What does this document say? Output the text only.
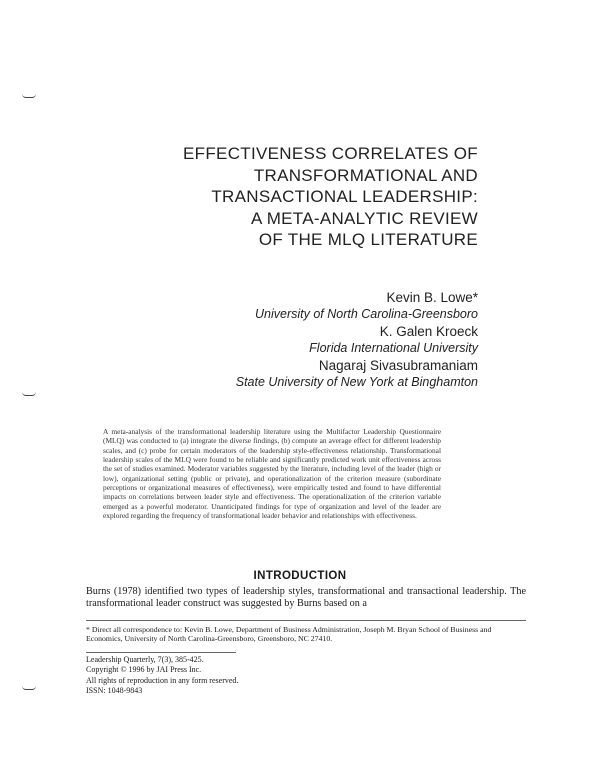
EFFECTIVENESS CORRELATES OF
TRANSFORMATIONAL AND
TRANSACTIONAL LEADERSHIP:
A META-ANALYTIC REVIEW
OF THE MLQ LITERATURE
Kevin B. Lowe*
University of North Carolina-Greensboro
K. Galen Kroeck
Florida International University
Nagaraj Sivasubramaniam
State University of New York at Binghamton
A meta-analysis of the transformational leadership literature using the Multifactor Leadership Questionnaire (MLQ) was conducted to (a) integrate the diverse findings, (b) compute an average effect for different leadership scales, and (c) probe for certain moderators of the leadership style-effectiveness relationship. Transformational leadership scales of the MLQ were found to be reliable and significantly predicted work unit effectiveness across the set of studies examined. Moderator variables suggested by the literature, including level of the leader (high or low), organizational setting (public or private), and operationalization of the criterion measure (subordinate perceptions or organizational measures of effectiveness), were empirically tested and found to have differential impacts on correlations between leader style and effectiveness. The operationalization of the criterion variable emerged as a powerful moderator. Unanticipated findings for type of organization and level of the leader are explored regarding the frequency of transformational leader behavior and relationships with effectiveness.
INTRODUCTION
Burns (1978) identified two types of leadership styles, transformational and transactional leadership. The transformational leader construct was suggested by Burns based on a
* Direct all correspondence to: Kevin B. Lowe, Department of Business Administration, Joseph M. Bryan School of Business and Economics, University of North Carolina-Greensboro, Greensboro, NC 27410.
Leadership Quarterly, 7(3), 385-425.
Copyright © 1996 by JAI Press Inc.
All rights of reproduction in any form reserved.
ISSN: 1048-9843
